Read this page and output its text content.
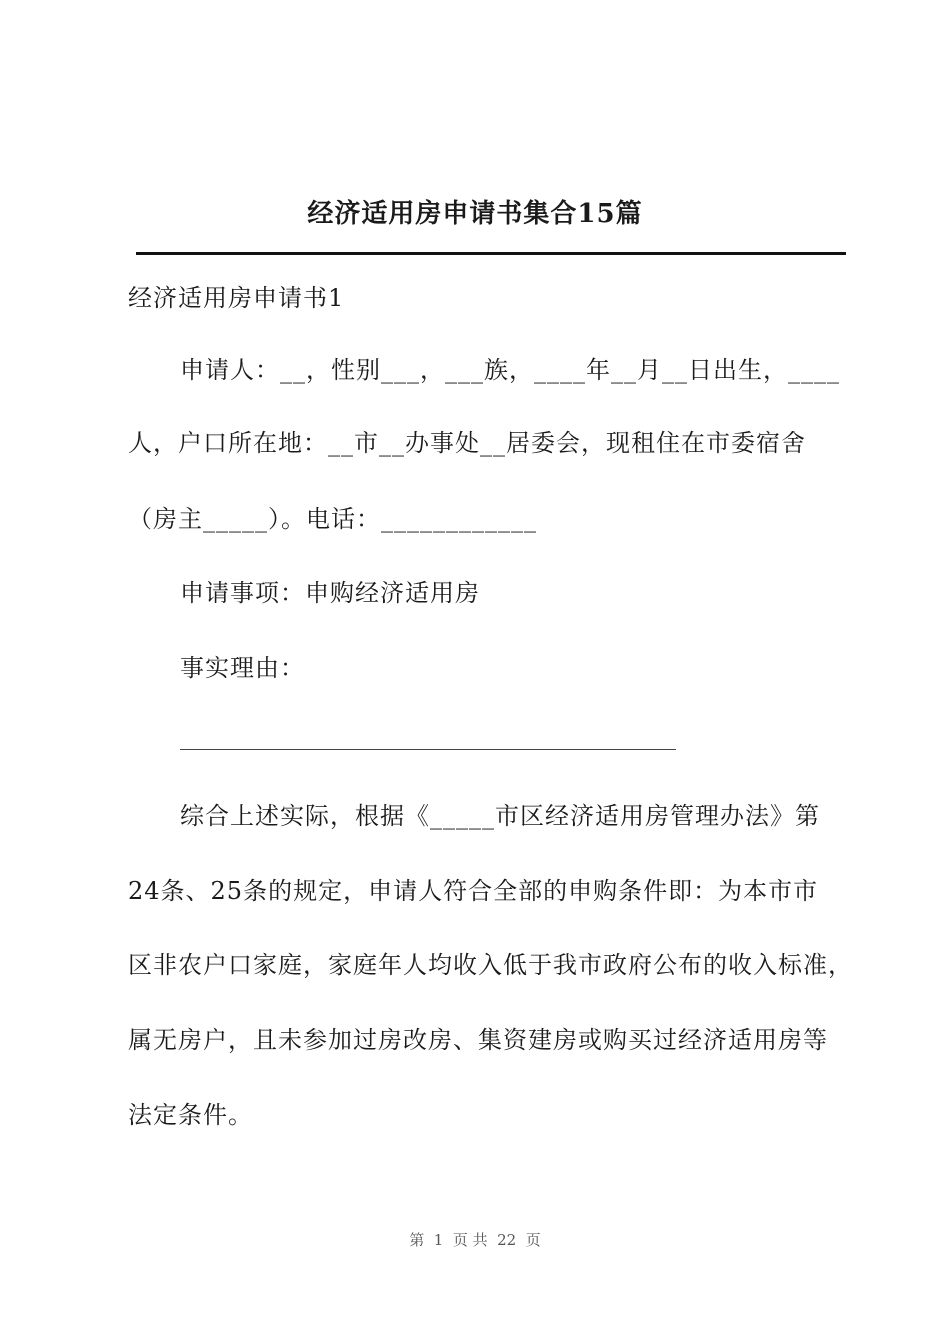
经济适用房申请书集合15篇
经济适用房申请书1
申请人：__，性别___，___族，____年__月__日出生，____
人，户口所在地：__市__办事处__居委会，现租住在市委宿舍
（房主_____）。电话：____________
申请事项：申购经济适用房
事实理由：
综合上述实际，根据《_____市区经济适用房管理办法》第
24条、25条的规定，申请人符合全部的申购条件即：为本市市
区非农户口家庭，家庭年人均收入低于我市政府公布的收入标准，
属无房户，且未参加过房改房、集资建房或购买过经济适用房等
法定条件。
第  1  页 共  22  页
